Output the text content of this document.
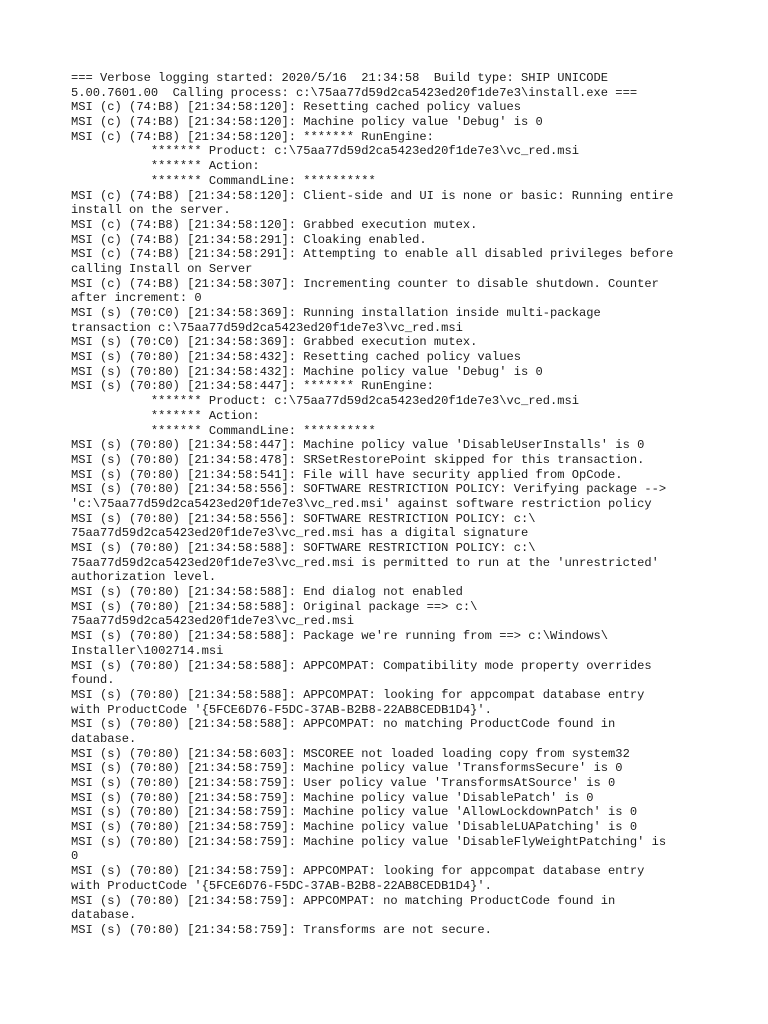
=== Verbose logging started: 2020/5/16  21:34:58  Build type: SHIP UNICODE
5.00.7601.00  Calling process: c:\75aa77d59d2ca5423ed20f1de7e3\install.exe ===
MSI (c) (74:B8) [21:34:58:120]: Resetting cached policy values
MSI (c) (74:B8) [21:34:58:120]: Machine policy value 'Debug' is 0
MSI (c) (74:B8) [21:34:58:120]: ******* RunEngine:
******* Product: c:\75aa77d59d2ca5423ed20f1de7e3\vc_red.msi
******* Action:
******* CommandLine: **********
MSI (c) (74:B8) [21:34:58:120]: Client-side and UI is none or basic: Running entire
install on the server.
MSI (c) (74:B8) [21:34:58:120]: Grabbed execution mutex.
MSI (c) (74:B8) [21:34:58:291]: Cloaking enabled.
MSI (c) (74:B8) [21:34:58:291]: Attempting to enable all disabled privileges before
calling Install on Server
MSI (c) (74:B8) [21:34:58:307]: Incrementing counter to disable shutdown. Counter
after increment: 0
MSI (s) (70:C0) [21:34:58:369]: Running installation inside multi-package
transaction c:\75aa77d59d2ca5423ed20f1de7e3\vc_red.msi
MSI (s) (70:C0) [21:34:58:369]: Grabbed execution mutex.
MSI (s) (70:80) [21:34:58:432]: Resetting cached policy values
MSI (s) (70:80) [21:34:58:432]: Machine policy value 'Debug' is 0
MSI (s) (70:80) [21:34:58:447]: ******* RunEngine:
******* Product: c:\75aa77d59d2ca5423ed20f1de7e3\vc_red.msi
******* Action:
******* CommandLine: **********
MSI (s) (70:80) [21:34:58:447]: Machine policy value 'DisableUserInstalls' is 0
MSI (s) (70:80) [21:34:58:478]: SRSetRestorePoint skipped for this transaction.
MSI (s) (70:80) [21:34:58:541]: File will have security applied from OpCode.
MSI (s) (70:80) [21:34:58:556]: SOFTWARE RESTRICTION POLICY: Verifying package -->
'c:\75aa77d59d2ca5423ed20f1de7e3\vc_red.msi' against software restriction policy
MSI (s) (70:80) [21:34:58:556]: SOFTWARE RESTRICTION POLICY: c:\
75aa77d59d2ca5423ed20f1de7e3\vc_red.msi has a digital signature
MSI (s) (70:80) [21:34:58:588]: SOFTWARE RESTRICTION POLICY: c:\
75aa77d59d2ca5423ed20f1de7e3\vc_red.msi is permitted to run at the 'unrestricted'
authorization level.
MSI (s) (70:80) [21:34:58:588]: End dialog not enabled
MSI (s) (70:80) [21:34:58:588]: Original package ==> c:\
75aa77d59d2ca5423ed20f1de7e3\vc_red.msi
MSI (s) (70:80) [21:34:58:588]: Package we're running from ==> c:\Windows\
Installer\1002714.msi
MSI (s) (70:80) [21:34:58:588]: APPCOMPAT: Compatibility mode property overrides
found.
MSI (s) (70:80) [21:34:58:588]: APPCOMPAT: looking for appcompat database entry
with ProductCode '{5FCE6D76-F5DC-37AB-B2B8-22AB8CEDB1D4}'.
MSI (s) (70:80) [21:34:58:588]: APPCOMPAT: no matching ProductCode found in
database.
MSI (s) (70:80) [21:34:58:603]: MSCOREE not loaded loading copy from system32
MSI (s) (70:80) [21:34:58:759]: Machine policy value 'TransformsSecure' is 0
MSI (s) (70:80) [21:34:58:759]: User policy value 'TransformsAtSource' is 0
MSI (s) (70:80) [21:34:58:759]: Machine policy value 'DisablePatch' is 0
MSI (s) (70:80) [21:34:58:759]: Machine policy value 'AllowLockdownPatch' is 0
MSI (s) (70:80) [21:34:58:759]: Machine policy value 'DisableLUAPatching' is 0
MSI (s) (70:80) [21:34:58:759]: Machine policy value 'DisableFlyWeightPatching' is
0
MSI (s) (70:80) [21:34:58:759]: APPCOMPAT: looking for appcompat database entry
with ProductCode '{5FCE6D76-F5DC-37AB-B2B8-22AB8CEDB1D4}'.
MSI (s) (70:80) [21:34:58:759]: APPCOMPAT: no matching ProductCode found in
database.
MSI (s) (70:80) [21:34:58:759]: Transforms are not secure.
